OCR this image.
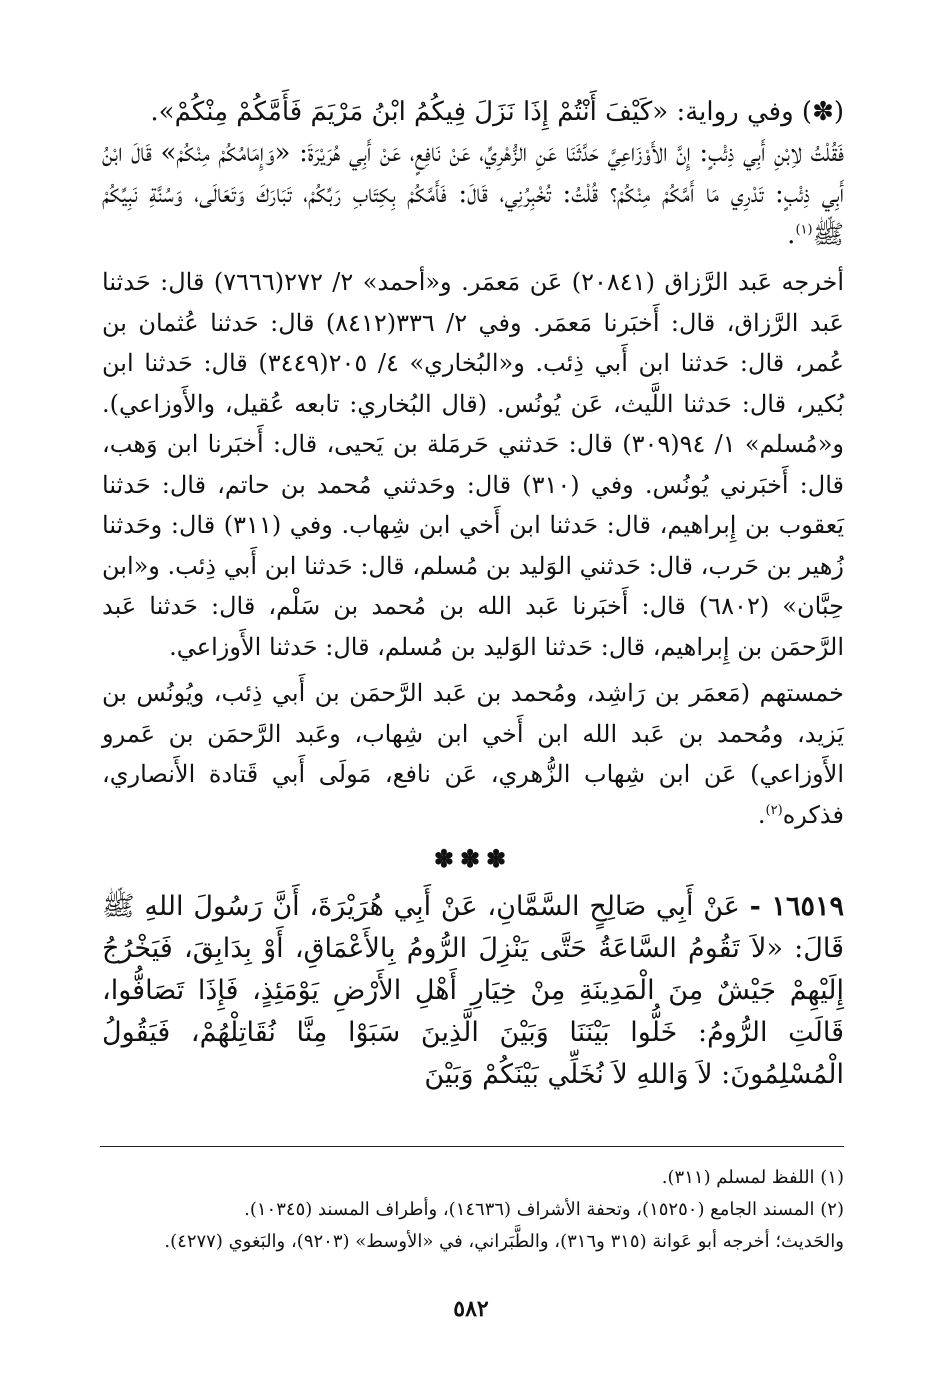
(✽) وفي رواية: «كَيْفَ أَنْتُمْ إِذَا نَزَلَ فِيكُمُ ابْنُ مَرْيَمَ فَأَمَّكُمْ مِنْكُمْ».

فَقُلْتُ لاِبْنِ أَبِي ذِئْبٍ: إِنَّ الأَوْزَاعِيَّ حَدَّثَنَا عَنِ الزُّهْرِيِّ، عَنْ نَافِعٍ، عَنْ أَبِي هُرَيْرَةَ: «وَإِمَامُكُمْ مِنْكُمْ» قَالَ ابْنُ أَبِي ذِئْبٍ: تَدْرِي مَا أَمَّكُمْ مِنْكُمْ؟ قُلْتُ: تُخْبِرُنِي، قَالَ: فَأَمَّكُمْ بِكِتَابِ رَبِّكُمْ، تَبَارَكَ وَتَعَالَى، وَسُنَّةِ نَبِيِّكُمْ ﷺ$^{(١)}$.

أخرجه عَبد الرَّزاق (٢٠٨٤١) عَن مَعمَر. و«أحمد» ٢/ ٢٧٢(٧٦٦٦) قال: حَدثنا عَبد الرَّزاق، قال: أَخبَرنا مَعمَر. وفي ٢/ ٣٣٦(٨٤١٢) قال: حَدثنا عُثمان بن عُمر، قال: حَدثنا ابن أَبي ذِئب. و«البُخاري» ٤/ ٢٠٥(٣٤٤٩) قال: حَدثنا ابن بُكير، قال: حَدثنا اللَّيث، عَن يُونُس. (قال البُخاري: تابعه عُقيل، والأَوزاعي). و«مُسلم» ١/ ٩٤(٣٠٩) قال: حَدثني حَرمَلة بن يَحيى، قال: أَخبَرنا ابن وَهب، قال: أَخبَرني يُونُس. وفي (٣١٠) قال: وحَدثني مُحمد بن حاتم، قال: حَدثنا يَعقوب بن إِبراهيم، قال: حَدثنا ابن أَخي ابن شِهاب. وفي (٣١١) قال: وحَدثنا زُهير بن حَرب، قال: حَدثني الوَليد بن مُسلم، قال: حَدثنا ابن أَبي ذِئب. و«ابن حِبَّان» (٦٨٠٢) قال: أَخبَرنا عَبد الله بن مُحمد بن سَلْم، قال: حَدثنا عَبد الرَّحمَن بن إِبراهيم، قال: حَدثنا الوَليد بن مُسلم، قال: حَدثنا الأَوزاعي.

خمستهم (مَعمَر بن رَاشِد، ومُحمد بن عَبد الرَّحمَن بن أَبي ذِئب، ويُونُس بن يَزيد، ومُحمد بن عَبد الله ابن أَخي ابن شِهاب، وعَبد الرَّحمَن بن عَمرو الأَوزاعي) عَن ابن شِهاب الزُّهري، عَن نافع، مَولَى أَبي قَتادة الأَنصاري، فذكره$^{(٢)}$.

✽✽✽

١٦٥١٩ - عَنْ أَبِي صَالِحٍ السَّمَّانِ، عَنْ أَبِي هُرَيْرَةَ، أَنَّ رَسُولَ اللهِ ﷺ قَالَ: «لاَ تَقُومُ السَّاعَةُ حَتَّى يَنْزِلَ الرُّومُ بِالأَعْمَاقِ، أَوْ بِدَابِقَ، فَيَخْرُجُ إِلَيْهِمْ جَيْشٌ مِنَ الْمَدِينَةِ مِنْ خِيَارِ أَهْلِ الأَرْضِ يَوْمَئِذٍ، فَإِذَا تَصَافُّوا، قَالَتِ الرُّومُ: خَلُّوا بَيْنَنَا وَبَيْنَ الَّذِينَ سَبَوْا مِنَّا نُقَاتِلْهُمْ، فَيَقُولُ الْمُسْلِمُونَ: لاَ وَاللهِ لاَ نُخَلِّي بَيْنَكُمْ وَبَيْنَ

(١) اللفظ لمسلم (٣١١).

(٢) المسند الجامع (١٥٢٥٠)، وتحفة الأشراف (١٤٦٣٦)، وأطراف المسند (١٠٣٤٥).

والحَديث؛ أخرجه أبو عَوانة (٣١٥ و٣١٦)، والطَّبَراني، في «الأوسط» (٩٢٠٣)، والبَغوي (٤٢٧٧).

٥٨٢
